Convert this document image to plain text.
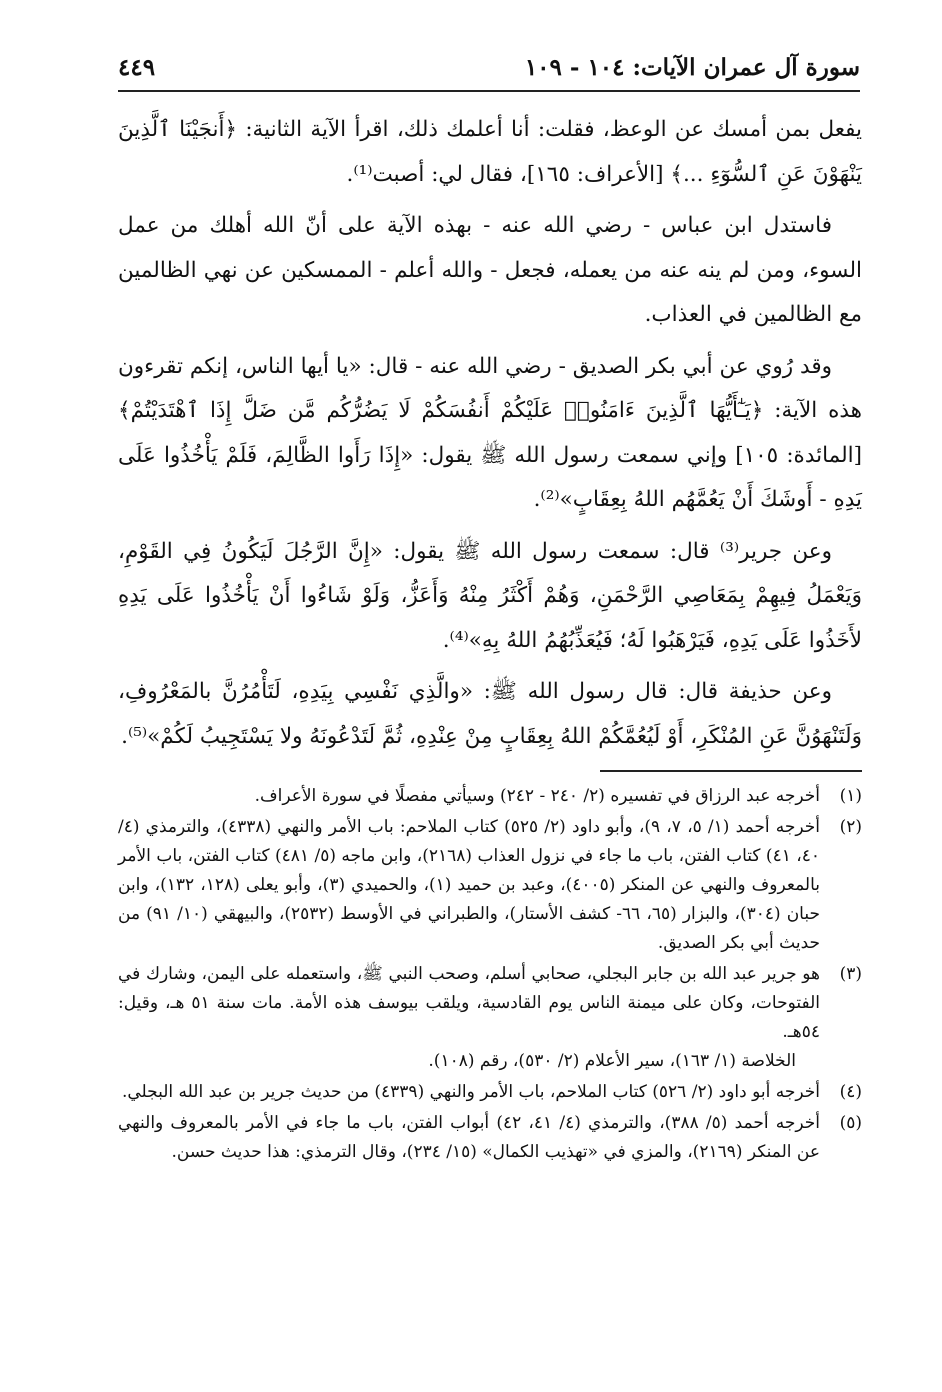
سورة آل عمران الآيات: ١٠٤ - ١٠٩
٤٤٩

يفعل بمن أمسك عن الوعظ، فقلت: أنا أعلمك ذلك، اقرأ الآية الثانية: ﴿أَنجَيْنَا ٱلَّذِينَ يَنْهَوْنَ عَنِ ٱلسُّوٓءِ ...﴾ [الأعراف: ١٦٥]، فقال لي: أصبت⁽¹⁾.

فاستدل ابن عباس - رضي الله عنه - بهذه الآية على أنّ الله أهلك من عمل السوء، ومن لم ينه عنه من يعمله، فجعل - والله أعلم - الممسكين عن نهي الظالمين مع الظالمين في العذاب.

وقد رُوي عن أبي بكر الصديق - رضي الله عنه - قال: «يا أيها الناس، إنكم تقرءون هذه الآية: ﴿يَـٰٓأَيُّهَا ٱلَّذِينَ ءَامَنُوا۟ عَلَيْكُمْ أَنفُسَكُمْ لَا يَضُرُّكُم مَّن ضَلَّ إِذَا ٱهْتَدَيْتُمْ﴾ [المائدة: ١٠٥] وإني سمعت رسول الله ﷺ يقول: «إِذَا رَأَوا الظَّالِمَ، فَلَمْ يَأْخُذُوا عَلَى يَدِهِ - أَوشَكَ أَنْ يَعُمَّهُم اللهُ بِعِقَابٍ»⁽²⁾.

وعن جرير⁽³⁾ قال: سمعت رسول الله ﷺ يقول: «إِنَّ الرَّجُلَ لَيَكُونُ فِي القَوْمِ، وَيَعْمَلُ فِيهِمْ بِمَعَاصِي الرَّحْمَنِ، وَهُمْ أَكْثَرُ مِنْهُ وَأَعَزُّ، وَلَوْ شَاءُوا أَنْ يَأْخُذُوا عَلَى يَدِهِ لأَخَذُوا عَلَى يَدِهِ، فَيَرْهَبُوا لَهُ؛ فَيُعَذِّبُهُمُ اللهُ بِهِ»⁽⁴⁾.

وعن حذيفة قال: قال رسول الله ﷺ: «والَّذِي نَفْسِي بِيَدِهِ، لَتَأْمُرُنَّ بالمَعْرُوفِ، وَلَتَنْهَوُنَّ عَنِ المُنْكَرِ، أَوْ لَيُعُمَّكُمْ اللهُ بِعِقَابٍ مِنْ عِنْدِهِ، ثُمَّ لَتَدْعُونَهُ ولا يَسْتَجِيبُ لَكُمْ»⁽⁵⁾.

(١)
أخرجه عبد الرزاق في تفسيره (٢/ ٢٤٠ - ٢٤٢) وسيأتي مفصلًا في سورة الأعراف.
(٢)
أخرجه أحمد (١/ ٥، ٧، ٩)، وأبو داود (٢/ ٥٢٥) كتاب الملاحم: باب الأمر والنهي (٤٣٣٨)، والترمذي (٤/ ٤٠، ٤١) كتاب الفتن، باب ما جاء في نزول العذاب (٢١٦٨)، وابن ماجه (٥/ ٤٨١) كتاب الفتن، باب الأمر بالمعروف والنهي عن المنكر (٤٠٠٥)، وعبد بن حميد (١)، والحميدي (٣)، وأبو يعلى (١٢٨، ١٣٢)، وابن حبان (٣٠٤)، والبزار (٦٥، ٦٦- كشف الأستار)، والطبراني في الأوسط (٢٥٣٢)، والبيهقي (١٠/ ٩١) من حديث أبي بكر الصديق.
(٣)
هو جرير عبد الله بن جابر البجلي، صحابي أسلم، وصحب النبي ﷺ، واستعمله على اليمن، وشارك في الفتوحات، وكان على ميمنة الناس يوم القادسية، ويلقب بيوسف هذه الأمة. مات سنة ٥١ هـ، وقيل: ٥٤هـ.
الخلاصة (١/ ١٦٣)، سير الأعلام (٢/ ٥٣٠)، رقم (١٠٨).
(٤)
أخرجه أبو داود (٢/ ٥٢٦) كتاب الملاحم، باب الأمر والنهي (٤٣٣٩) من حديث جرير بن عبد الله البجلي.
(٥)
أخرجه أحمد (٥/ ٣٨٨)، والترمذي (٤/ ٤١، ٤٢) أبواب الفتن، باب ما جاء في الأمر بالمعروف والنهي عن المنكر (٢١٦٩)، والمزي في «تهذيب الكمال» (١٥/ ٢٣٤)، وقال الترمذي: هذا حديث حسن.
